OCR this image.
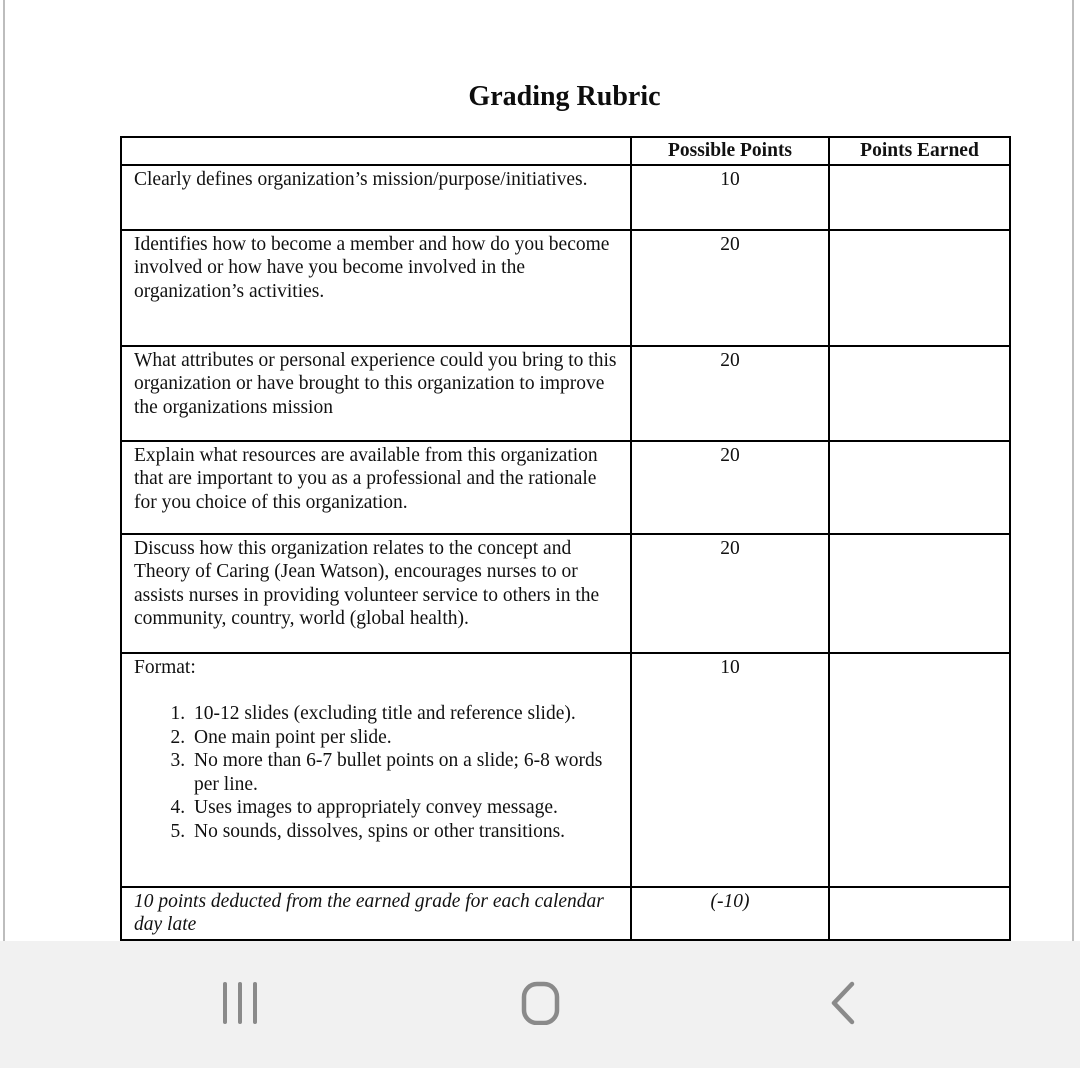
Grading Rubric
	Possible Points	Points Earned
Clearly defines organization’s mission/purpose/initiatives.	10	
Identifies how to become a member and how do you become involved or how have you become involved in the organization’s activities.	20	
What attributes or personal experience could you bring to this organization or have brought to this organization to improve the organizations mission	20	
Explain what resources are available from this organization that are important to you as a professional and the rationale for you choice of this organization.	20	
Discuss how this organization relates to the concept and Theory of Caring (Jean Watson), encourages nurses to or assists nurses in providing volunteer service to others in the community, country, world (global health).	20	

Format:
1. 10-12 slides (excluding title and reference slide).
2. One main point per slide.
3. No more than 6-7 bullet points on a slide; 6-8 words per line.
4. Uses images to appropriately convey message.
5. No sounds, dissolves, spins or other transitions.
	10	
10 points deducted from the earned grade for each calendar day late	(-10)	
